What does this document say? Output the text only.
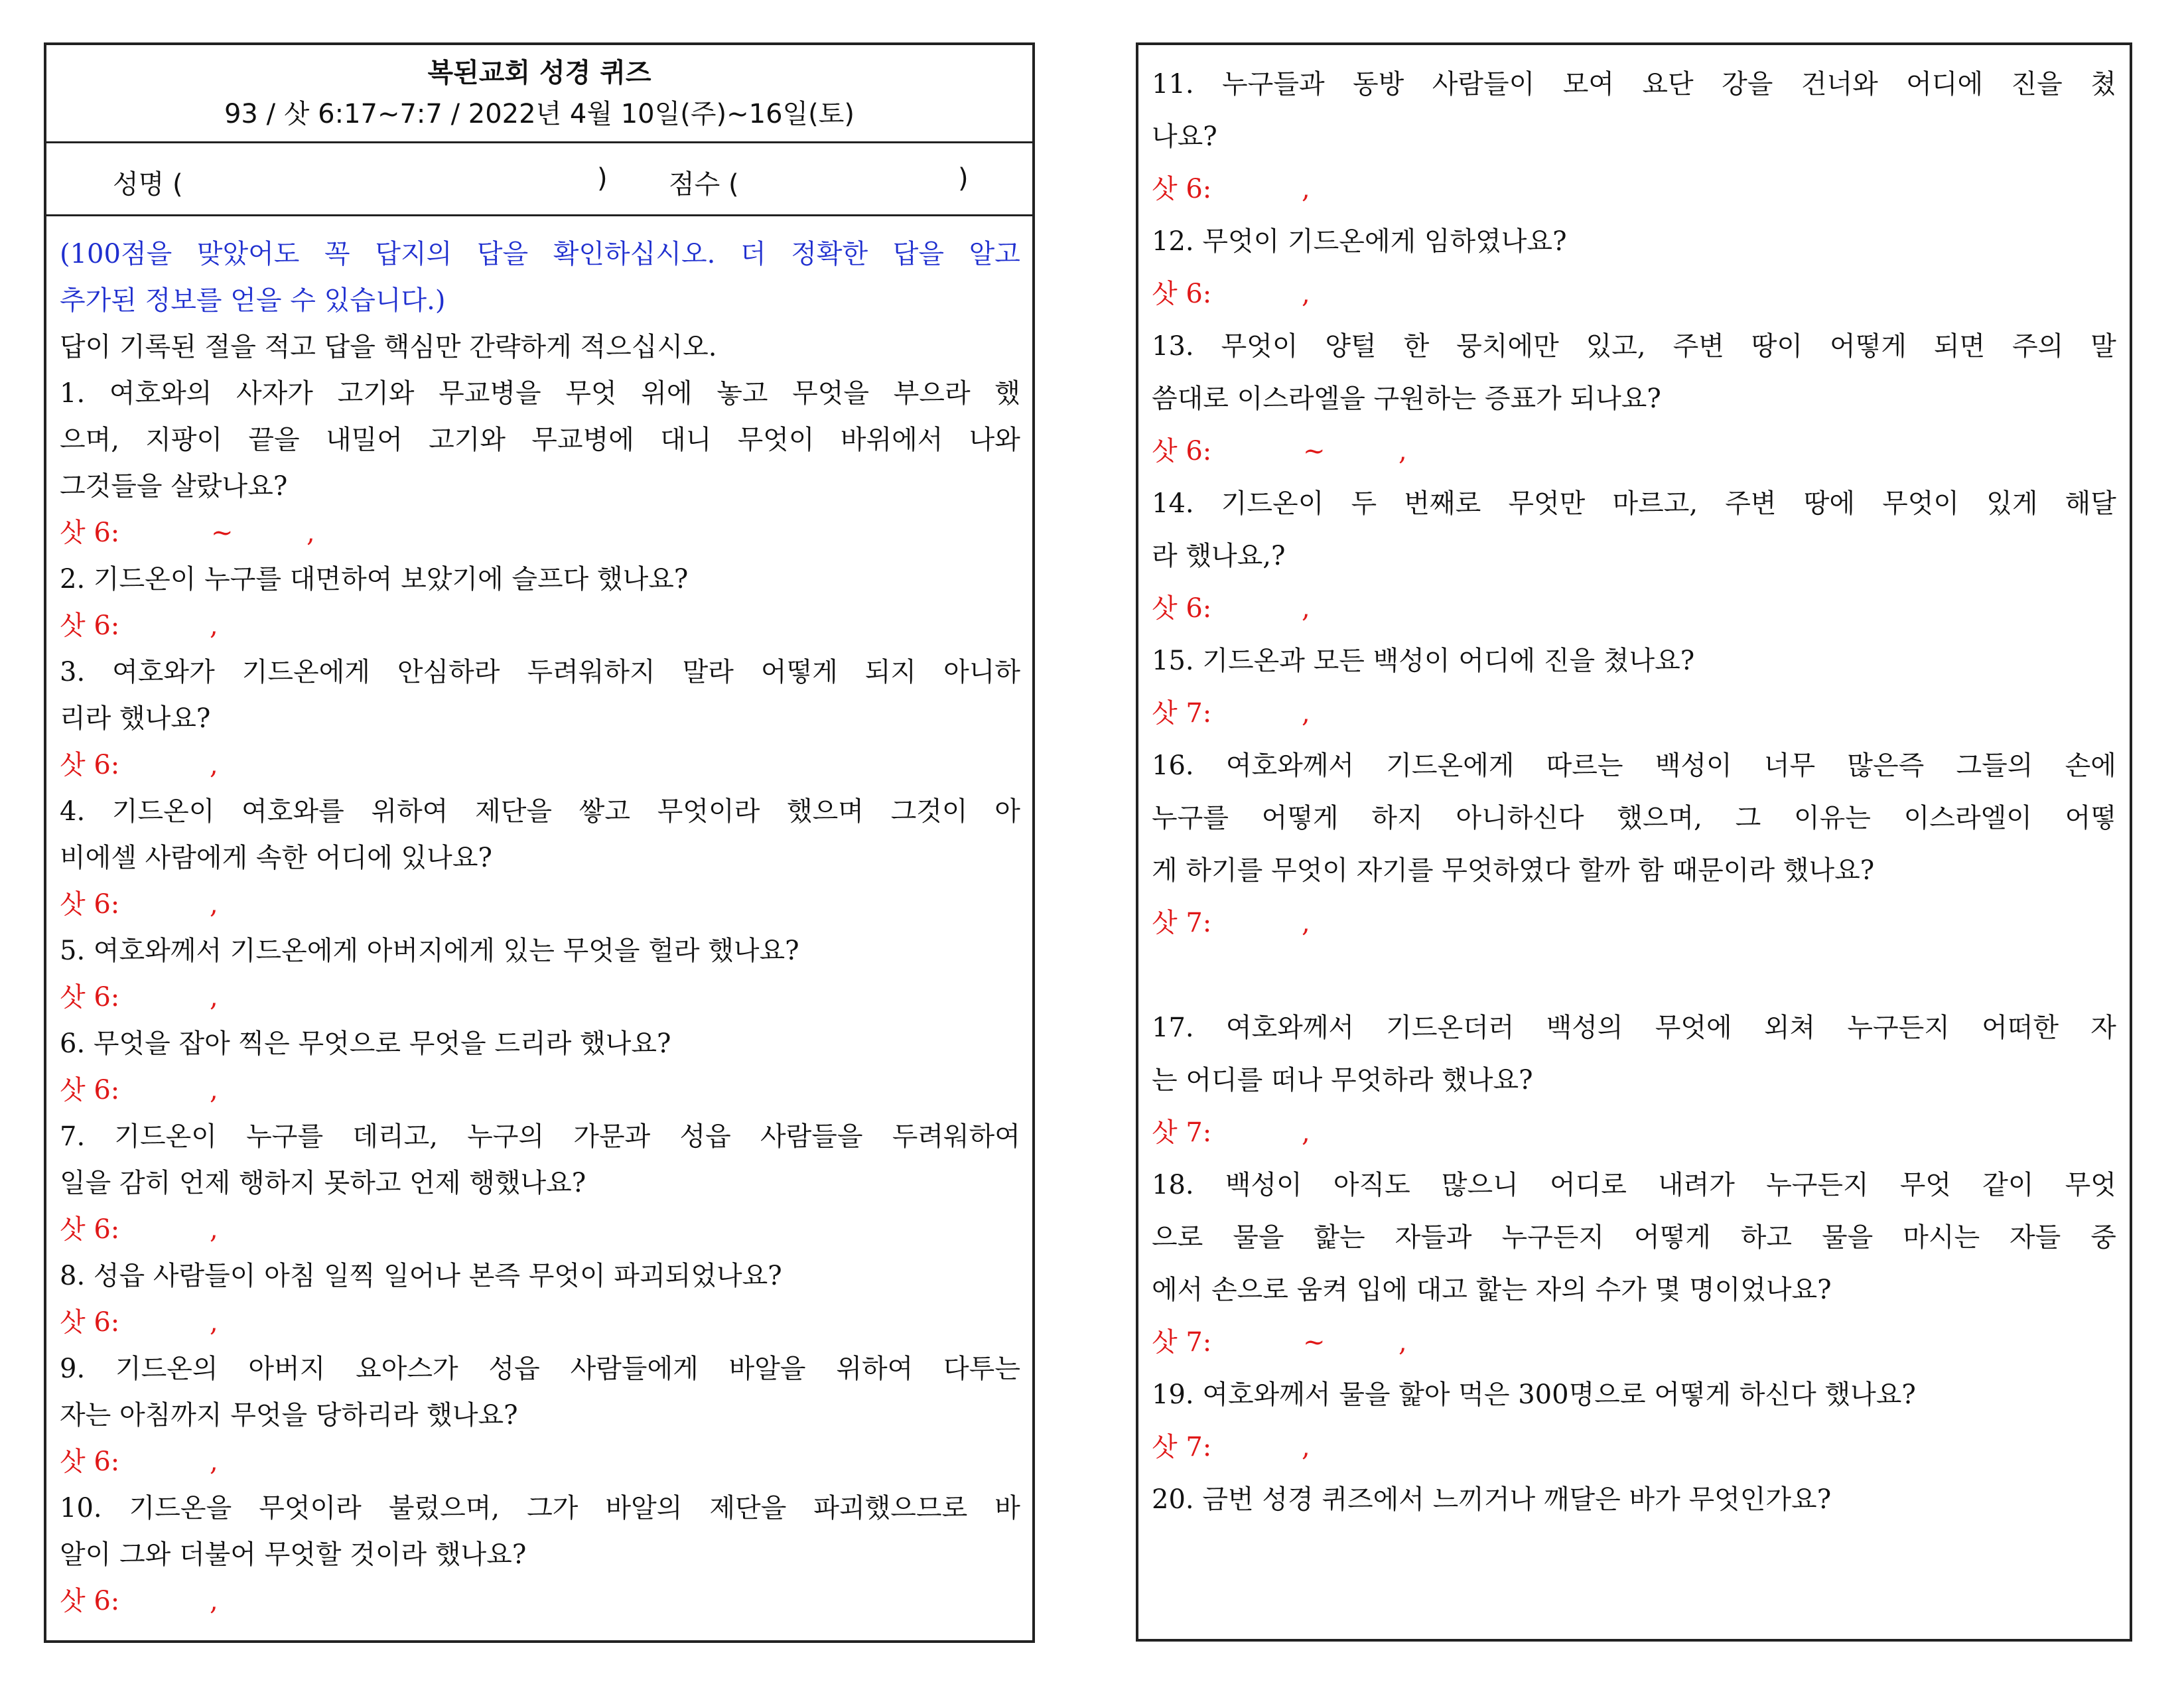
복된교회 성경 퀴즈
93 / 삿 6:17~7:7 / 2022년 4월 10일(주)~16일(토)
성명 (	) 점수 (	)
(100점을 맞았어도 꼭 답지의 답을 확인하십시오. 더 정확한 답을 알고
추가된 정보를 얻을 수 있습니다.)
답이 기록된 절을 적고 답을 핵심만 간략하게 적으십시오.
1. 여호와의 사자가 고기와 무교병을 무엇 위에 놓고 무엇을 부으라 했
으며, 지팡이 끝을 내밀어 고기와 무교병에 대니 무엇이 바위에서 나와
그것들을 살랐나요?
삿 6:	~	,
2. 기드온이 누구를 대면하여 보았기에 슬프다 했나요?
삿 6:	,
3. 여호와가 기드온에게 안심하라 두려워하지 말라 어떻게 되지 아니하
리라 했나요?
삿 6:	,
4. 기드온이 여호와를 위하여 제단을 쌓고 무엇이라 했으며 그것이 아
비에셀 사람에게 속한 어디에 있나요?
삿 6:	,
5. 여호와께서 기드온에게 아버지에게 있는 무엇을 헐라 했나요?
삿 6:	,
6. 무엇을 잡아 찍은 무엇으로 무엇을 드리라 했나요?
삿 6:	,
7. 기드온이 누구를 데리고, 누구의 가문과 성읍 사람들을 두려워하여
일을 감히 언제 행하지 못하고 언제 행했나요?
삿 6:	,
8. 성읍 사람들이 아침 일찍 일어나 본즉 무엇이 파괴되었나요?
삿 6:	,
9. 기드온의 아버지 요아스가 성읍 사람들에게 바알을 위하여 다투는
자는 아침까지 무엇을 당하리라 했나요?
삿 6:	,
10. 기드온을 무엇이라 불렀으며, 그가 바알의 제단을 파괴했으므로 바
알이 그와 더불어 무엇할 것이라 했나요?
삿 6:	,
11. 누구들과 동방 사람들이 모여 요단 강을 건너와 어디에 진을 쳤
나요?
삿 6:	,
12. 무엇이 기드온에게 임하였나요?
삿 6:	,
13. 무엇이 양털 한 뭉치에만 있고, 주변 땅이 어떻게 되면 주의 말
씀대로 이스라엘을 구원하는 증표가 되나요?
삿 6:	~	,
14. 기드온이 두 번째로 무엇만 마르고, 주변 땅에 무엇이 있게 해달
라 했나요,?
삿 6:	,
15. 기드온과 모든 백성이 어디에 진을 쳤나요?
삿 7:	,
16. 여호와께서 기드온에게 따르는 백성이 너무 많은즉 그들의 손에
누구를 어떻게 하지 아니하신다 했으며, 그 이유는 이스라엘이 어떻
게 하기를 무엇이 자기를 무엇하였다 할까 함 때문이라 했나요?
삿 7:	,
17. 여호와께서 기드온더러 백성의 무엇에 외쳐 누구든지 어떠한 자
는 어디를 떠나 무엇하라 했나요?
삿 7:	,
18. 백성이 아직도 많으니 어디로 내려가 누구든지 무엇 같이 무엇
으로 물을 핥는 자들과 누구든지 어떻게 하고 물을 마시는 자들 중
에서 손으로 움켜 입에 대고 핥는 자의 수가 몇 명이었나요?
삿 7:	~	,
19. 여호와께서 물을 핥아 먹은 300명으로 어떻게 하신다 했나요?
삿 7:	,
20. 금번 성경 퀴즈에서 느끼거나 깨달은 바가 무엇인가요?
